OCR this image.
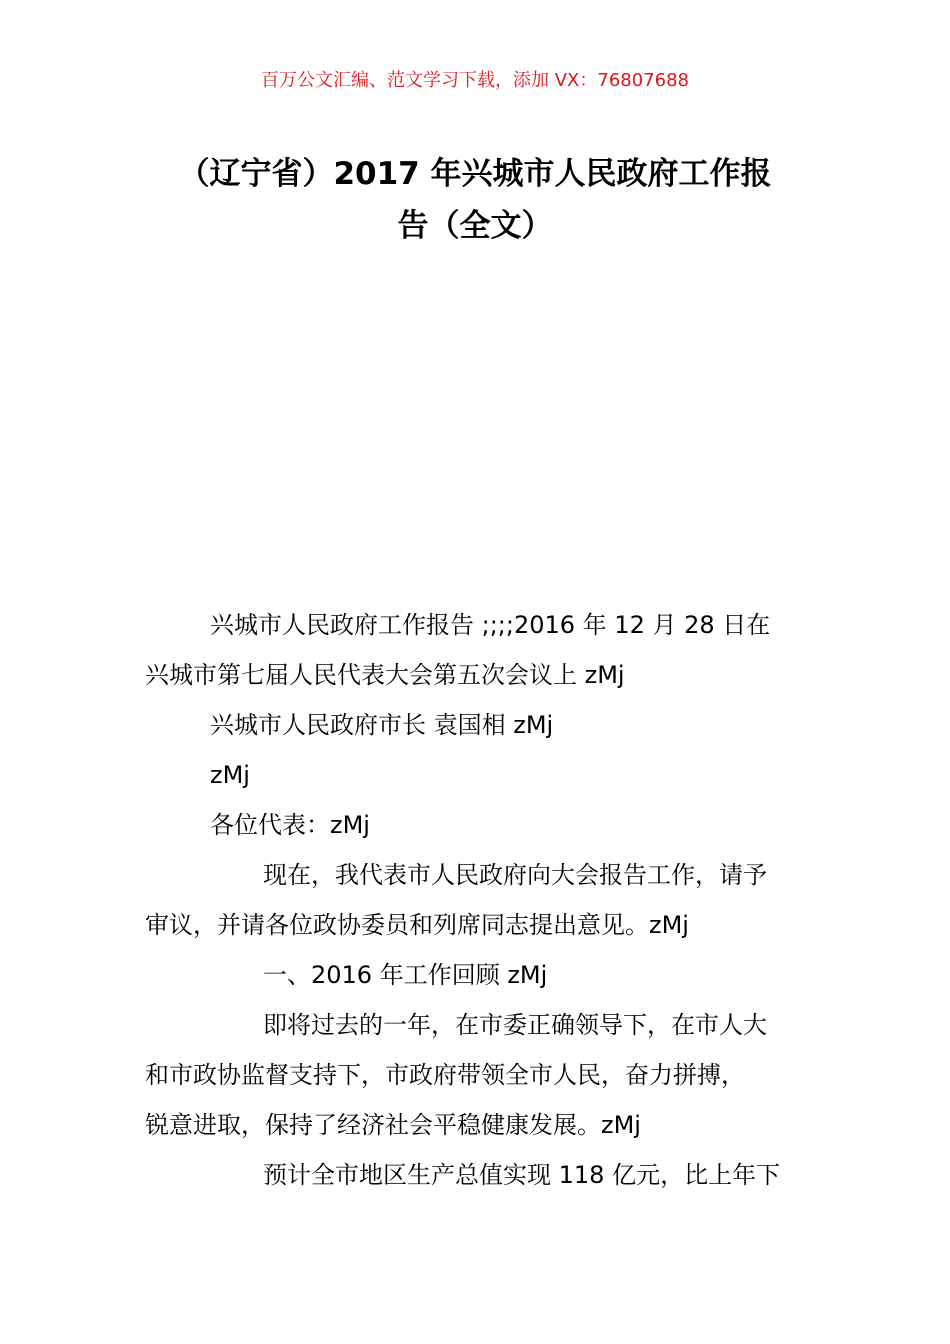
百万公文汇编、范文学习下载，添加 VX：76807688
（辽宁省）2017 年兴城市人民政府工作报
告（全文）

兴城市人民政府工作报告 ;;;;2016 年 12 月 28 日在
兴城市第七届人民代表大会第五次会议上 zMj

兴城市人民政府市长 袁国相 zMj

zMj

各位代表：zMj

现在，我代表市人民政府向大会报告工作，请予
审议，并请各位政协委员和列席同志提出意见。zMj

一、2016 年工作回顾 zMj

即将过去的一年，在市委正确领导下，在市人大
和市政协监督支持下，市政府带领全市人民，奋力拼搏，
锐意进取，保持了经济社会平稳健康发展。zMj

预计全市地区生产总值实现 118 亿元，比上年下
